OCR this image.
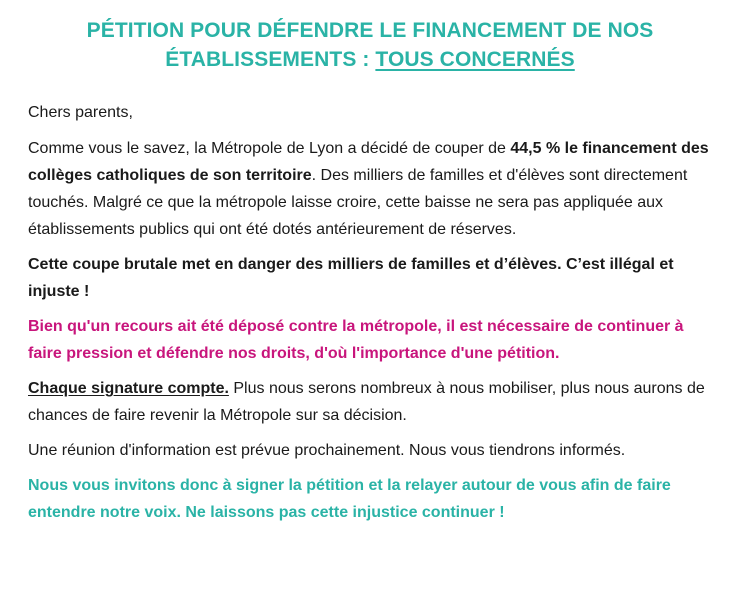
PÉTITION POUR DÉFENDRE LE FINANCEMENT DE NOS
ÉTABLISSEMENTS : TOUS CONCERNÉS

Chers parents,

Comme vous le savez, la Métropole de Lyon a décidé de couper de 44,5 % le financement des collèges catholiques de son territoire. Des milliers de familles et d'élèves sont directement touchés. Malgré ce que la métropole laisse croire, cette baisse ne sera pas appliquée aux établissements publics qui ont été dotés antérieurement de réserves.

Cette coupe brutale met en danger des milliers de familles et d’élèves. C’est illégal et injuste !

Bien qu'un recours ait été déposé contre la métropole, il est nécessaire de continuer à faire pression et défendre nos droits, d'où l'importance d'une pétition.

Chaque signature compte. Plus nous serons nombreux à nous mobiliser, plus nous aurons de chances de faire revenir la Métropole sur sa décision.

Une réunion d'information est prévue prochainement. Nous vous tiendrons informés.

Nous vous invitons donc à signer la pétition et la relayer autour de vous afin de faire entendre notre voix. Ne laissons pas cette injustice continuer !
